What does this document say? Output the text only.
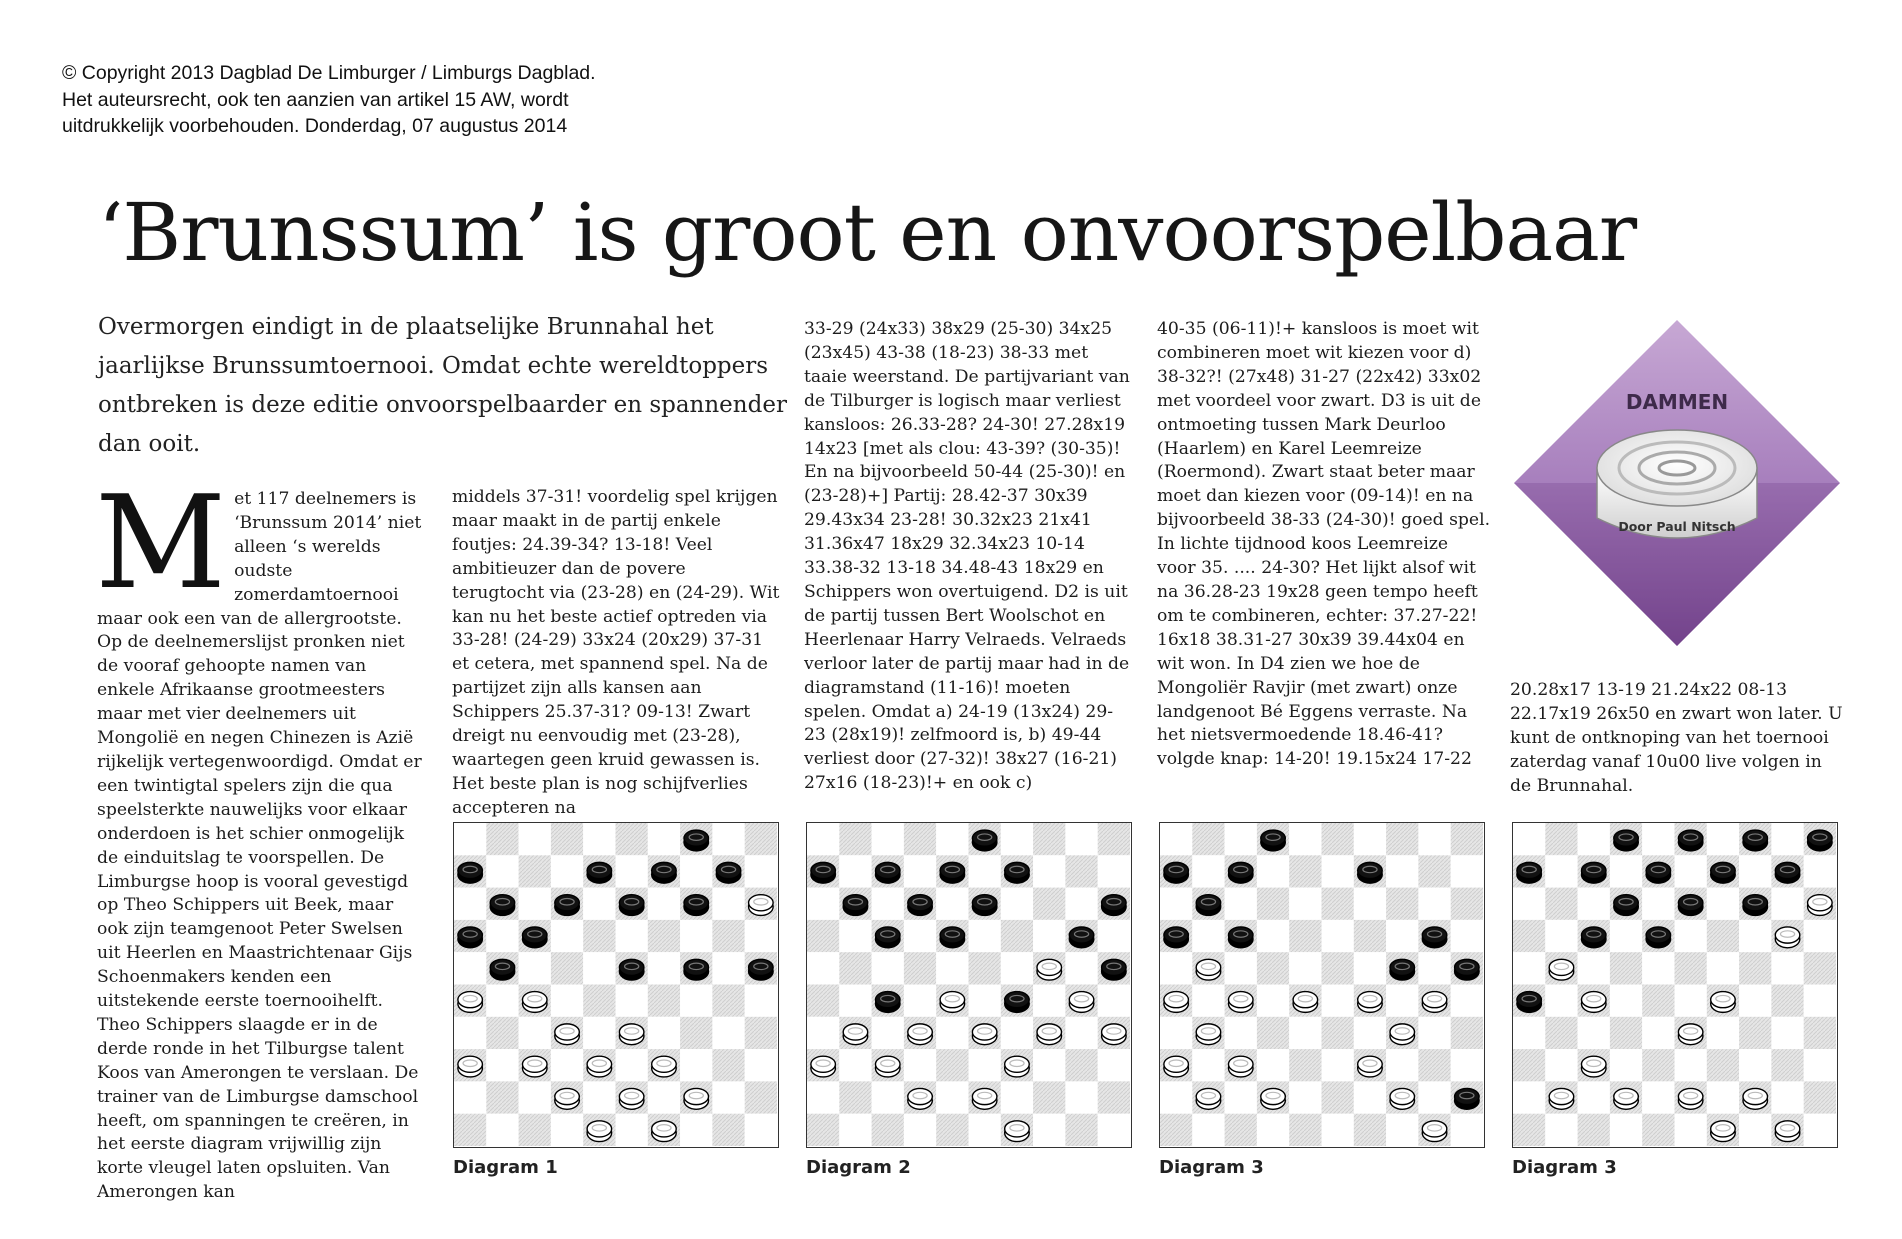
© Copyright 2013 Dagblad De Limburger / Limburgs Dagblad.
Het auteursrecht, ook ten aanzien van artikel 15 AW, wordt
uitdrukkelijk voorbehouden. Donderdag, 07 augustus 2014
‘Brunssum’ is groot en onvoorspelbaar
Overmorgen eindigt in de plaatselijke Brunnahal het jaarlijkse Brunssumtoernooi. Omdat echte wereldtoppers ontbreken is deze editie onvoorspelbaarder en spannender dan ooit.
M et 117 deelnemers is ‘Brunssum 2014’ niet alleen ‘s werelds oudste zomerdamtoernooi maar ook een van de allergrootste. Op de deelnemerslijst pronken niet de vooraf gehoopte namen van enkele Afrikaanse grootmeesters maar met vier deelnemers uit Mongolië en negen Chinezen is Azië rijkelijk vertegenwoordigd. Omdat er een twintigtal spelers zijn die qua speelsterkte nauwelijks voor elkaar onderdoen is het schier onmogelijk de einduitslag te voorspellen. De Limburgse hoop is vooral gevestigd op Theo Schippers uit Beek, maar ook zijn teamgenoot Peter Swelsen uit Heerlen en Maastrichtenaar Gijs Schoenmakers kenden een uitstekende eerste toernooihelft. Theo Schippers slaagde er in de derde ronde in het Tilburgse talent Koos van Amerongen te verslaan. De trainer van de Limburgse damschool heeft, om spanningen te creëren, in het eerste diagram vrijwillig zijn korte vleugel laten opsluiten. Van Amerongen kan

middels 37-31! voordelig spel krijgen maar maakt in de partij enkele foutjes: 24.39-34? 13-18! Veel ambitieuzer dan de povere terugtocht via (23-28) en (24-29). Wit kan nu het beste actief optreden via 33-28! (24-29) 33x24 (20x29) 37-31 et cetera, met spannend spel. Na de partijzet zijn alls kansen aan Schippers 25.37-31? 09-13! Zwart dreigt nu eenvoudig met (23-28), waartegen geen kruid gewassen is. Het beste plan is nog schijfverlies accepteren na

33-29 (24x33) 38x29 (25-30) 34x25 (23x45) 43-38 (18-23) 38-33 met taaie weerstand. De partijvariant van de Tilburger is logisch maar verliest kansloos: 26.33-28? 24-30! 27.28x19 14x23 [met als clou: 43-39? (30-35)! En na bijvoorbeeld 50-44 (25-30)! en (23-28)+] Partij: 28.42-37 30x39 29.43x34 23-28! 30.32x23 21x41 31.36x47 18x29 32.34x23 10-14 33.38-32 13-18 34.48-43 18x29 en Schippers won overtuigend. D2 is uit de partij tussen Bert Woolschot en Heerlenaar Harry Velraeds. Velraeds verloor later de partij maar had in de diagramstand (11-16)! moeten spelen. Omdat a) 24-19 (13x24) 29-23 (28x19)! zelfmoord is, b) 49-44 verliest door (27-32)! 38x27 (16-21) 27x16 (18-23)!+ en ook c)

40-35 (06-11)!+ kansloos is moet wit combineren moet wit kiezen voor d) 38-32?! (27x48) 31-27 (22x42) 33x02 met voordeel voor zwart. D3 is uit de ontmoeting tussen Mark Deurloo (Haarlem) en Karel Leemreize (Roermond). Zwart staat beter maar moet dan kiezen voor (09-14)! en na bijvoorbeeld 38-33 (24-30)! goed spel. In lichte tijdnood koos Leemreize voor 35. .... 24-30? Het lijkt alsof wit na 36.28-23 19x28 geen tempo heeft om te combineren, echter: 37.27-22! 16x18 38.31-27 30x39 39.44x04 en wit won. In D4 zien we hoe de Mongoliër Ravjir (met zwart) onze landgenoot Bé Eggens verraste. Na het nietsvermoedende 18.46-41? volgde knap: 14-20! 19.15x24 17-22

20.28x17 13-19 21.24x22 08-13 22.17x19 26x50 en zwart won later. U kunt de ontknoping van het toernooi zaterdag vanaf 10u00 live volgen in de Brunnahal.

DAMMEN
Door Paul Nitsch
Diagram 1	Diagram 2	Diagram 3	Diagram 3
